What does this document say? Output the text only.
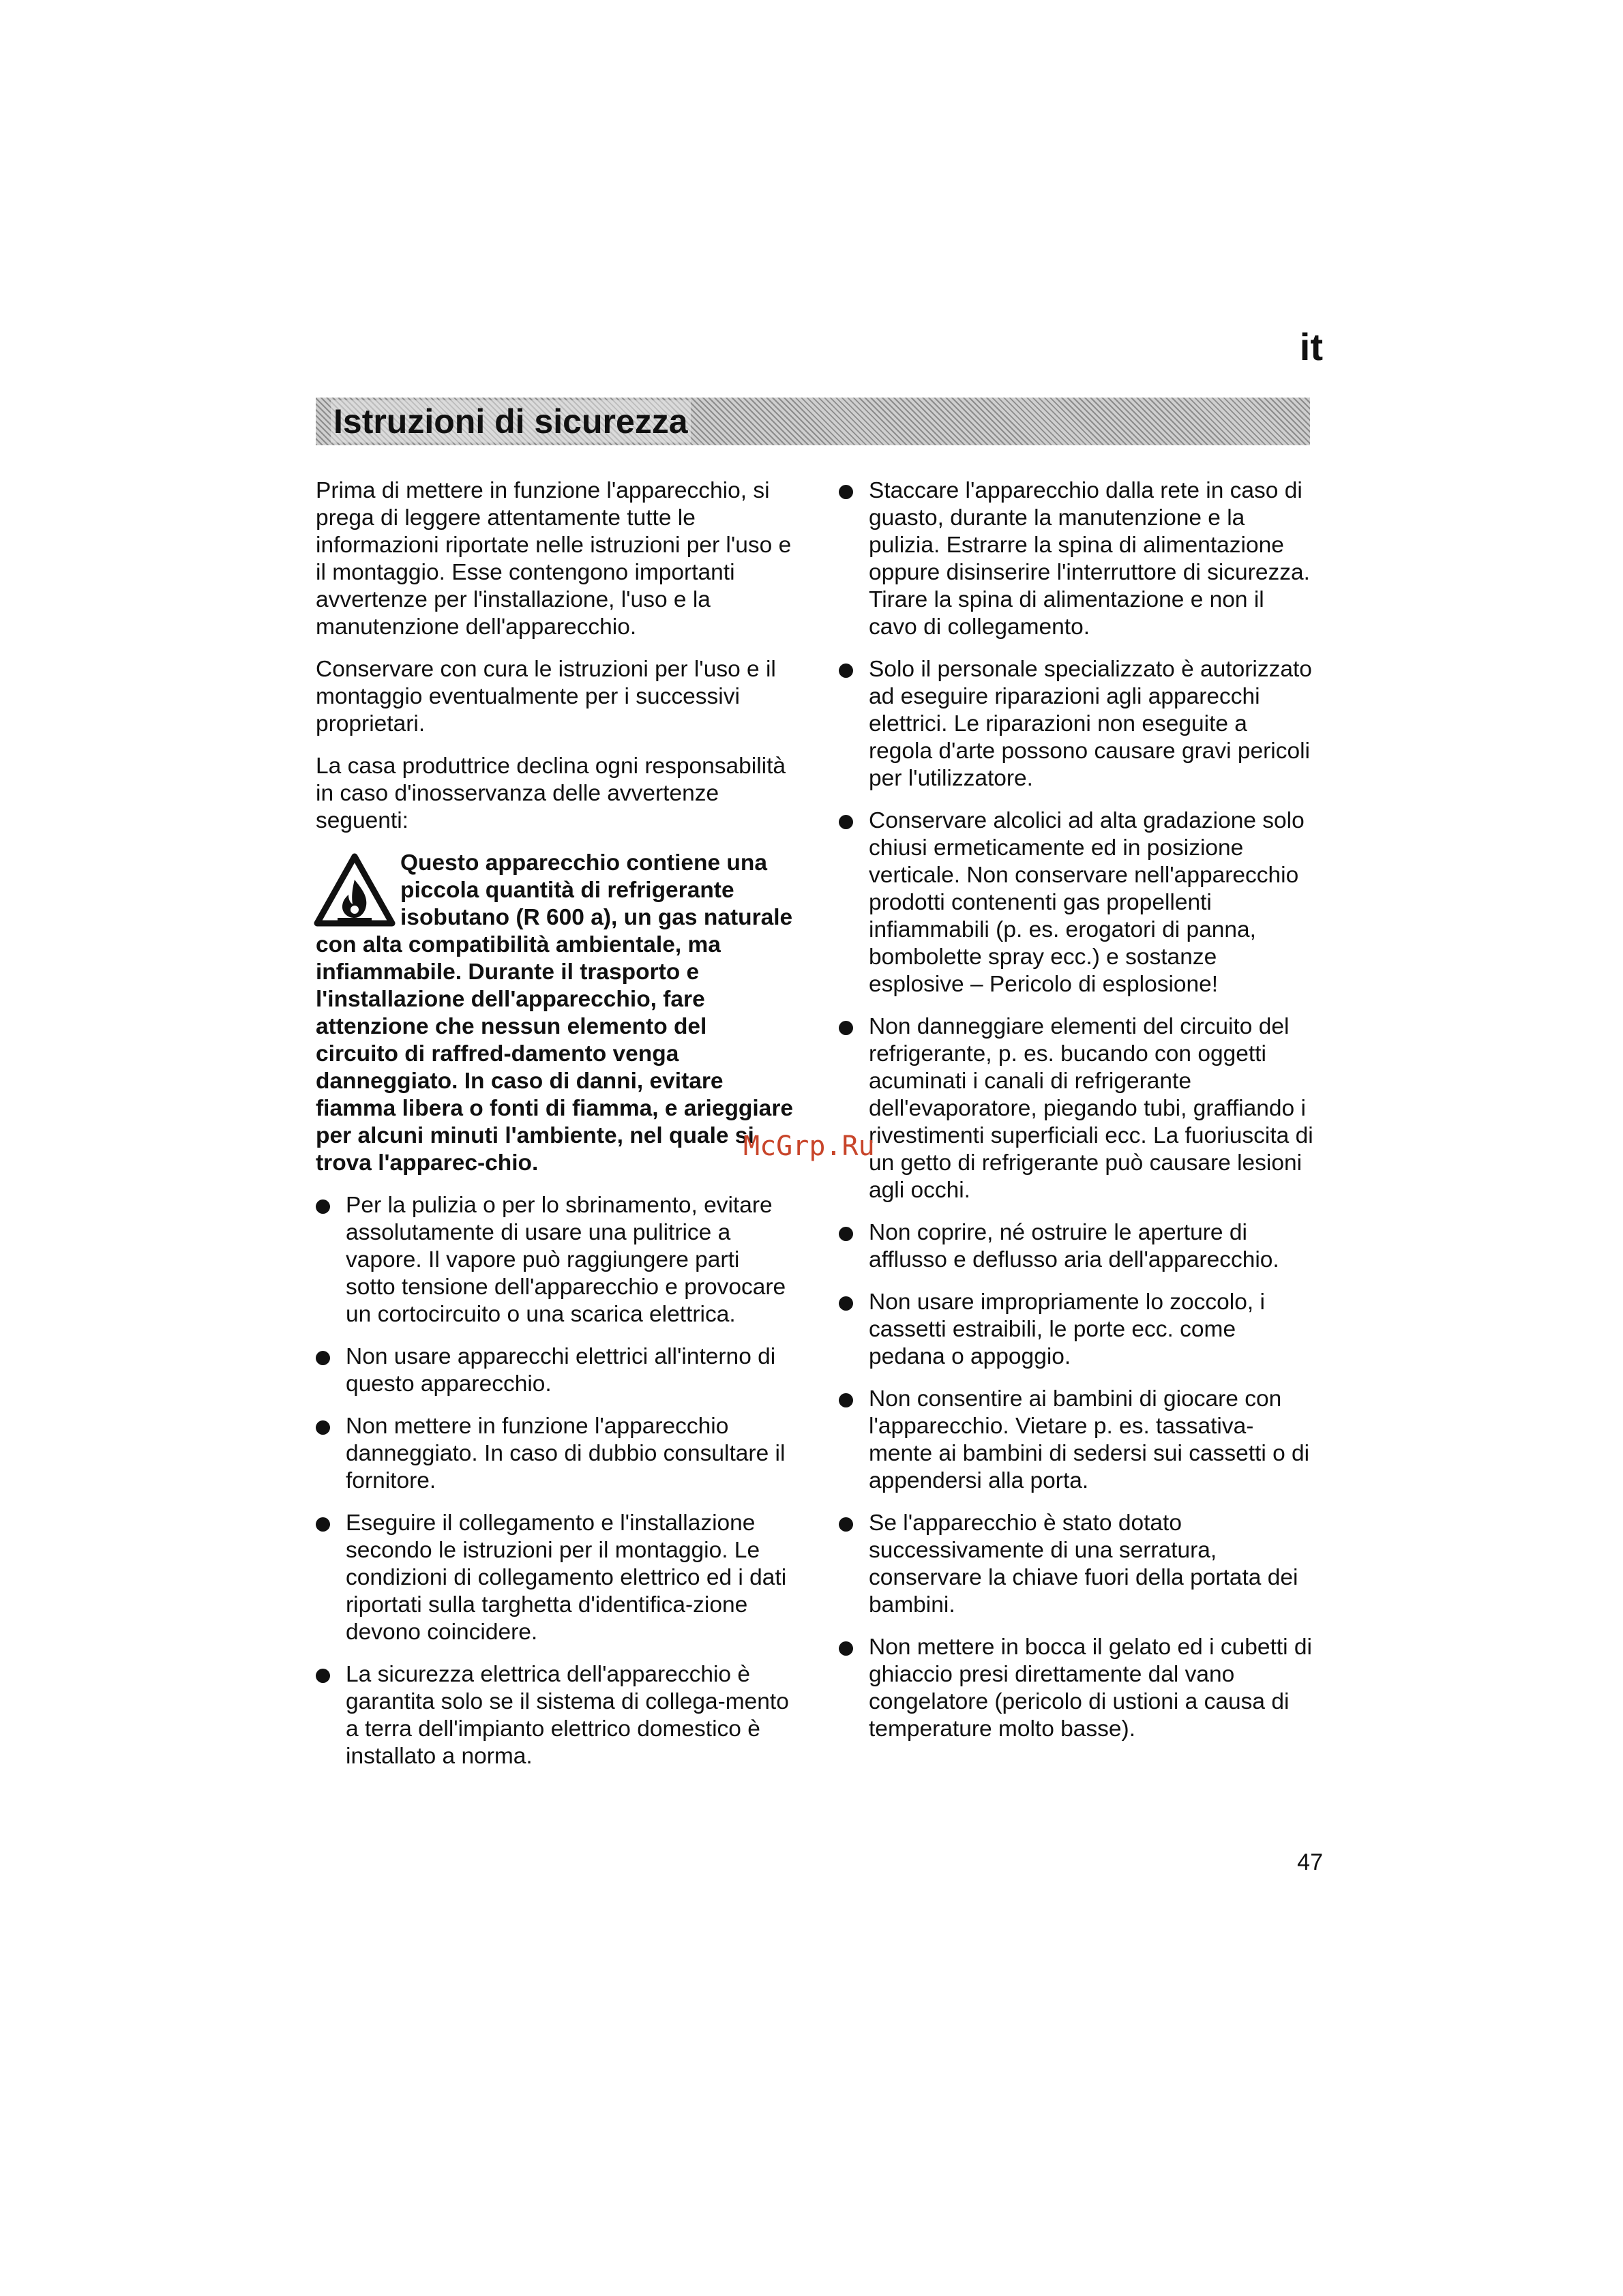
it
Istruzioni di sicurezza

Prima di mettere in funzione l'apparecchio, si prega di leggere attentamente tutte le informazioni riportate nelle istruzioni per l'uso e il montaggio. Esse contengono importanti avvertenze per l'installazione, l'uso e la manutenzione dell'apparecchio.

Conservare con cura le istruzioni per l'uso e il montaggio eventualmente per i successivi proprietari.

La casa produttrice declina ogni responsabilità in caso d'inosservanza delle avvertenze seguenti:

Questo apparecchio contiene una piccola quantità di refrigerante isobutano (R 600 a), un gas naturale con alta compatibilità ambientale, ma infiammabile. Durante il trasporto e l'installazione dell'apparecchio, fare attenzione che nessun elemento del circuito di raffred-damento venga danneggiato. In caso di danni, evitare fiamma libera o fonti di fiamma, e arieggiare per alcuni minuti l'ambiente, nel quale si trova l'apparec-chio.
Per la pulizia o per lo sbrinamento, evitare assolutamente di usare una pulitrice a vapore. Il vapore può raggiungere parti sotto tensione dell'apparecchio e provocare un cortocircuito o una scarica elettrica.
Non usare apparecchi elettrici all'interno di questo apparecchio.
Non mettere in funzione l'apparecchio danneggiato. In caso di dubbio consultare il fornitore.
Eseguire il collegamento e l'installazione secondo le istruzioni per il montaggio. Le condizioni di collegamento elettrico ed i dati riportati sulla targhetta d'identifica-zione devono coincidere.
La sicurezza elettrica dell'apparecchio è garantita solo se il sistema di collega-mento a terra dell'impianto elettrico domestico è installato a norma.
Staccare l'apparecchio dalla rete in caso di guasto, durante la manutenzione e la pulizia. Estrarre la spina di alimentazione oppure disinserire l'interruttore di sicurezza. Tirare la spina di alimentazione e non il cavo di collegamento.
Solo il personale specializzato è autorizzato ad eseguire riparazioni agli apparecchi elettrici. Le riparazioni non eseguite a regola d'arte possono causare gravi pericoli per l'utilizzatore.
Conservare alcolici ad alta gradazione solo chiusi ermeticamente ed in posizione verticale. Non conservare nell'apparecchio prodotti contenenti gas propellenti infiammabili (p. es. erogatori di panna, bombolette spray ecc.) e sostanze esplosive – Pericolo di esplosione!
Non danneggiare elementi del circuito del refrigerante, p. es. bucando con oggetti acuminati i canali di refrigerante dell'evaporatore, piegando tubi, graffiando i rivestimenti superficiali ecc. La fuoriuscita di un getto di refrigerante può causare lesioni agli occhi.
Non coprire, né ostruire le aperture di afflusso e deflusso aria dell'apparecchio.
Non usare impropriamente lo zoccolo, i cassetti estraibili, le porte ecc. come pedana o appoggio.
Non consentire ai bambini di giocare con l'apparecchio. Vietare p. es. tassativa-mente ai bambini di sedersi sui cassetti o di appendersi alla porta.
Se l'apparecchio è stato dotato successivamente di una serratura, conservare la chiave fuori della portata dei bambini.
Non mettere in bocca il gelato ed i cubetti di ghiaccio presi direttamente dal vano congelatore (pericolo di ustioni a causa di temperature molto basse).
McGrp.Ru
47
